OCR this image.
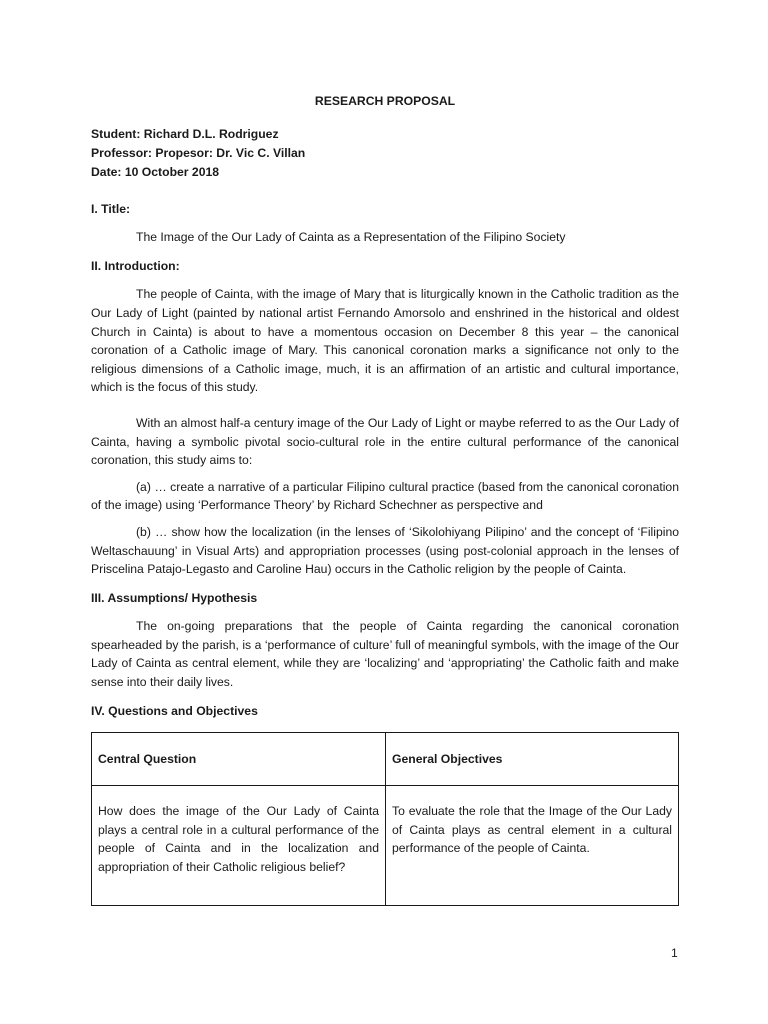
RESEARCH PROPOSAL

Student: Richard D.L. Rodriguez

Professor: Propesor: Dr. Vic C. Villan

Date: 10 October 2018

I. Title:

The Image of the Our Lady of Cainta as a Representation of the Filipino Society

II. Introduction:

The people of Cainta, with the image of Mary that is liturgically known in the Catholic tradition as the Our Lady of Light (painted by national artist Fernando Amorsolo and enshrined in the historical and oldest Church in Cainta) is about to have a momentous occasion on December 8 this year – the canonical coronation of a Catholic image of Mary. This canonical coronation marks a significance not only to the religious dimensions of a Catholic image, much, it is an affirmation of an artistic and cultural importance, which is the focus of this study.

With an almost half-a century image of the Our Lady of Light or maybe referred to as the Our Lady of Cainta, having a symbolic pivotal socio-cultural role in the entire cultural performance of the canonical coronation, this study aims to:

(a) … create a narrative of a particular Filipino cultural practice (based from the canonical coronation of the image) using ‘Performance Theory’ by Richard Schechner as perspective and

(b) … show how the localization (in the lenses of ‘Sikolohiyang Pilipino’ and the concept of ‘Filipino Weltaschauung’ in Visual Arts) and appropriation processes (using post-colonial approach in the lenses of Priscelina Patajo-Legasto and Caroline Hau) occurs in the Catholic religion by the people of Cainta.

III. Assumptions/ Hypothesis

The on-going preparations that the people of Cainta regarding the canonical coronation spearheaded by the parish, is a ‘performance of culture’ full of meaningful symbols, with the image of the Our Lady of Cainta as central element, while they are ‘localizing’ and ‘appropriating’ the Catholic faith and make sense into their daily lives.

IV. Questions and Objectives

Central Question	General Objectives
How does the image of the Our Lady of Cainta plays a central role in a cultural performance of the people of Cainta and in the localization and appropriation of their Catholic religious belief?	To evaluate the role that the Image of the Our Lady of Cainta plays as central element in a cultural performance of the people of Cainta.
1
